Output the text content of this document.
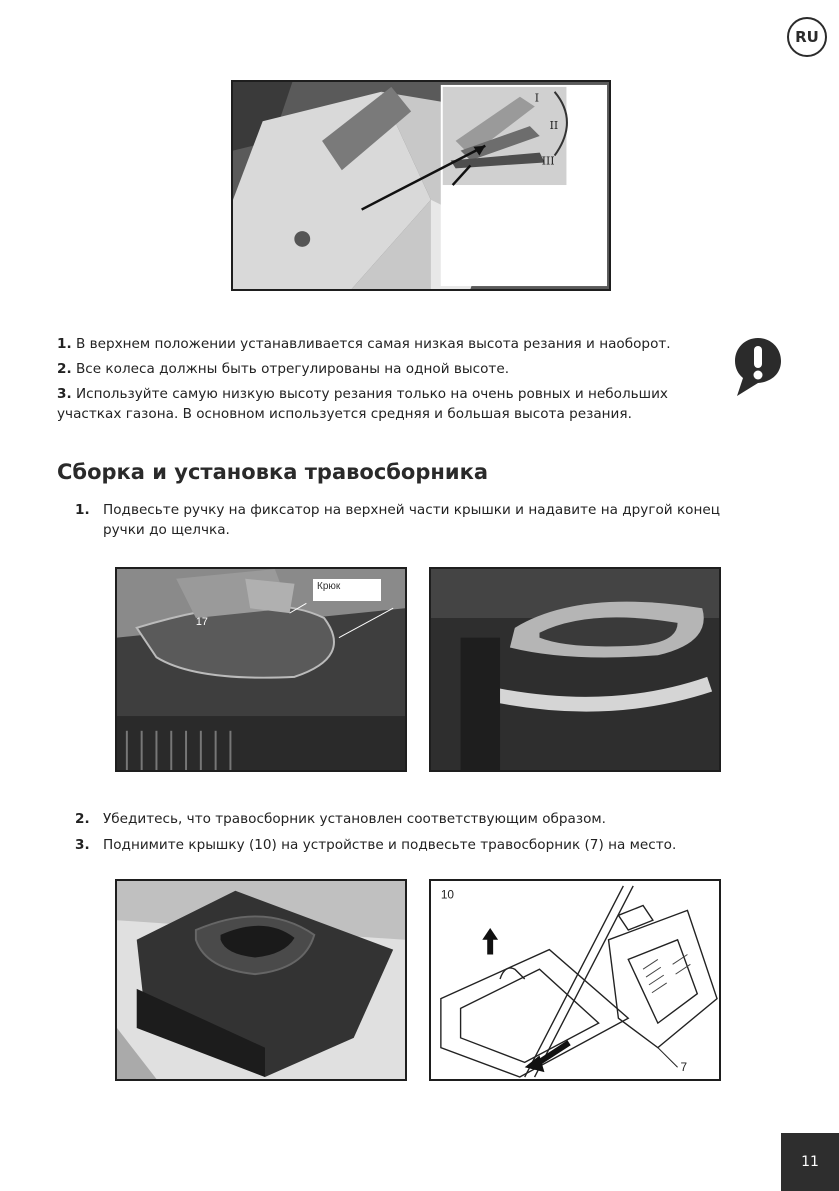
RU
I
II
III

1. В верхнем положении устанавливается самая низкая высота резания и наоборот.

2. Все колеса должны быть отрегулированы на одной высоте.

3. Используйте самую низкую высоту резания только на очень ровных и небольших участках газона. В основном используется средняя и большая высота резания.

Сборка и установка травосборника
1. Подвесьте ручку на фиксатор на верхней части крышки и надавите на другой конец ручки до щелчка.
17
Крюк
2. Убедитесь, что травосборник установлен соответствующим образом.
3. Поднимите крышку (10) на устройстве и подвесьте травосборник (7) на место.
10
7
11
